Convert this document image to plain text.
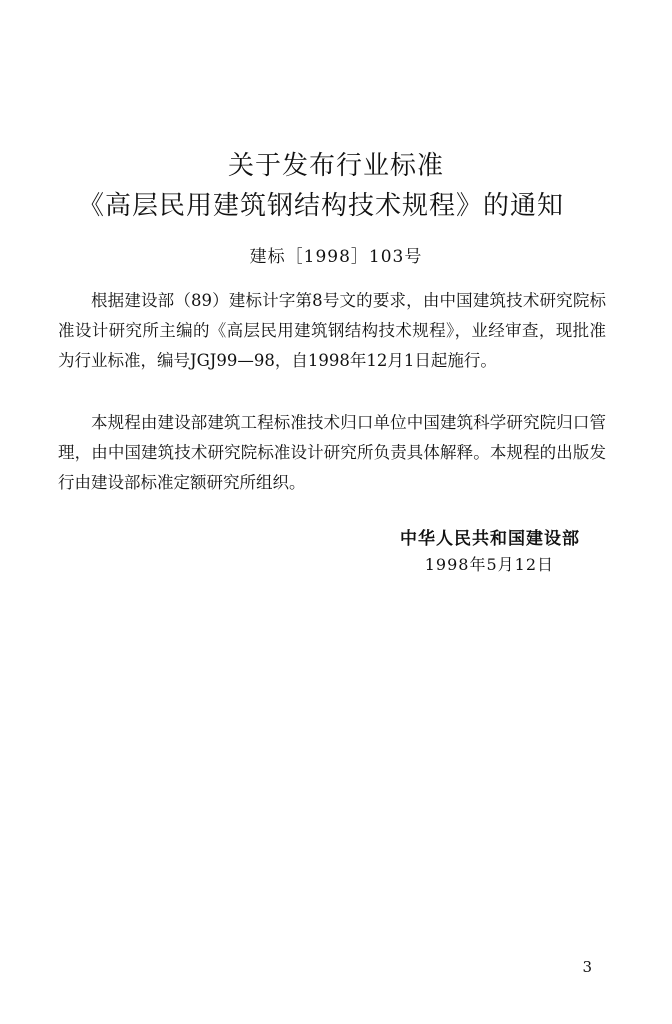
关于发布行业标准
《高层民用建筑钢结构技术规程》的通知
建标［1998］103号

根据建设部（89）建标计字第8号文的要求，由中国建筑技术研究院标准设计研究所主编的《高层民用建筑钢结构技术规程》，业经审查，现批准为行业标准，编号JGJ99—98，自1998年12月1日起施行。

本规程由建设部建筑工程标准技术归口单位中国建筑科学研究院归口管理，由中国建筑技术研究院标准设计研究所负责具体解释。本规程的出版发行由建设部标准定额研究所组织。

中华人民共和国建设部
1998年5月12日
3
